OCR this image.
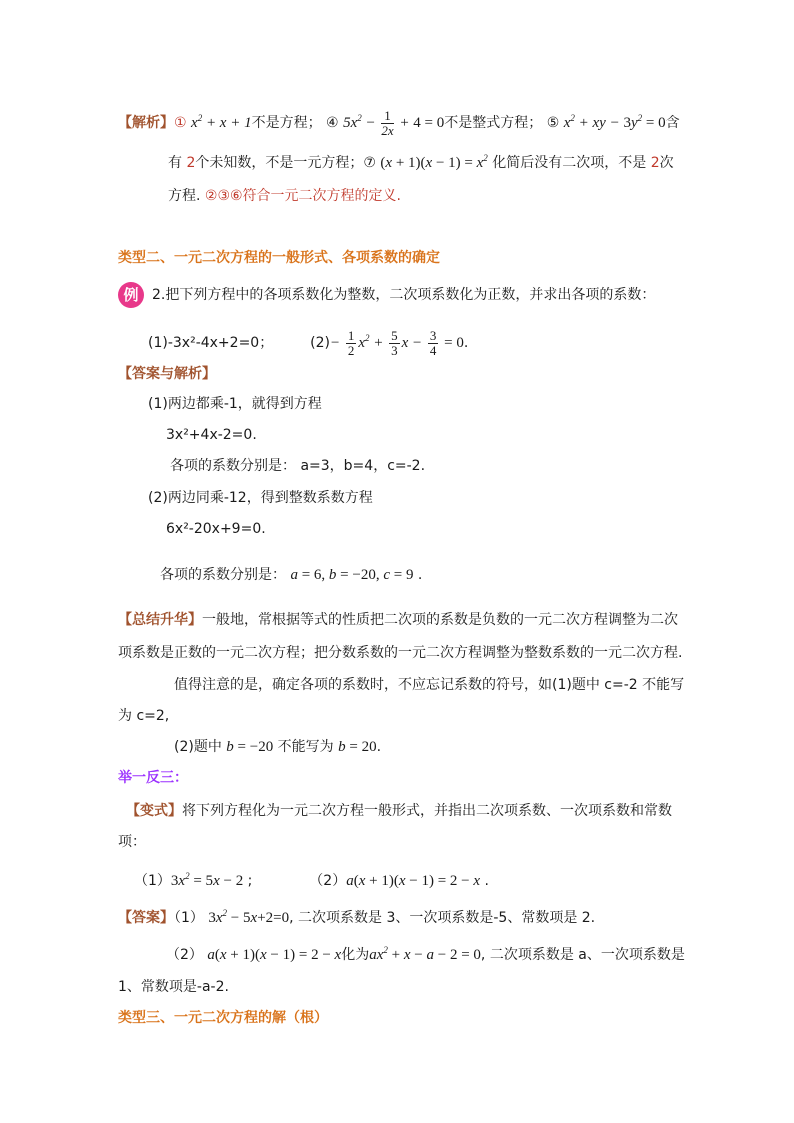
【解析】① $x^2 + x + 1$不是方程； ④ $5x^2 - \frac{1}{2x} + 4 = 0$不是整式方程； ⑤ $x^2$ + xy − $3y^2 = 0$含
有 2个未知数，不是一元方程；⑦ $(x + 1)(x - 1) = x^2$ 化简后没有二次项，不是 2次
方程. ②③⑥符合一元二次方程的定义.
类型二、一元二次方程的一般形式、各项系数的确定
例 2.把下列方程中的各项系数化为整数，二次项系数化为正数，并求出各项的系数：
(1)-3x²-4x+2=0；	$(2)- \frac{1}{2} x^2 + \frac{5}{3}$ $x - \frac{3}{4} = 0$.
【答案与解析】
(1)两边都乘-1，就得到方程
3x²+4x-2=0.
各项的系数分别是： a=3，b=4，c=-2.
(2)两边同乘-12，得到整数系数方程
6x²-20x+9=0.
各项的系数分别是： a = 6, b = −20, c = 9 .
【总结升华】一般地，常根据等式的性质把二次项的系数是负数的一元二次方程调整为二次
项系数是正数的一元二次方程；把分数系数的一元二次方程调整为整数系数的一元二次方程.
值得注意的是，确定各项的系数时，不应忘记系数的符号，如(1)题中 c=-2 不能写
为 c=2,
(2)题中 b = −20 不能写为 b = 20.
举一反三：
【变式】将下列方程化为一元二次方程一般形式，并指出二次项系数、一次项系数和常数
项：
$(1)3x^2 = 5x - 2$ ;	（2）a(x + 1)(x − 1) = 2 − x .
【答案】（1） $3x^2 - 5x+2=0$, 二次项系数是 3、一次项系数是-5、常数项是 2.
（2） a(x + 1)(x − 1) = 2 − x化为$ax^2 + x - a - 2 = 0$, 二次项系数是 a、一次项系数是
1、常数项是-a-2.
类型三、一元二次方程的解（根）
